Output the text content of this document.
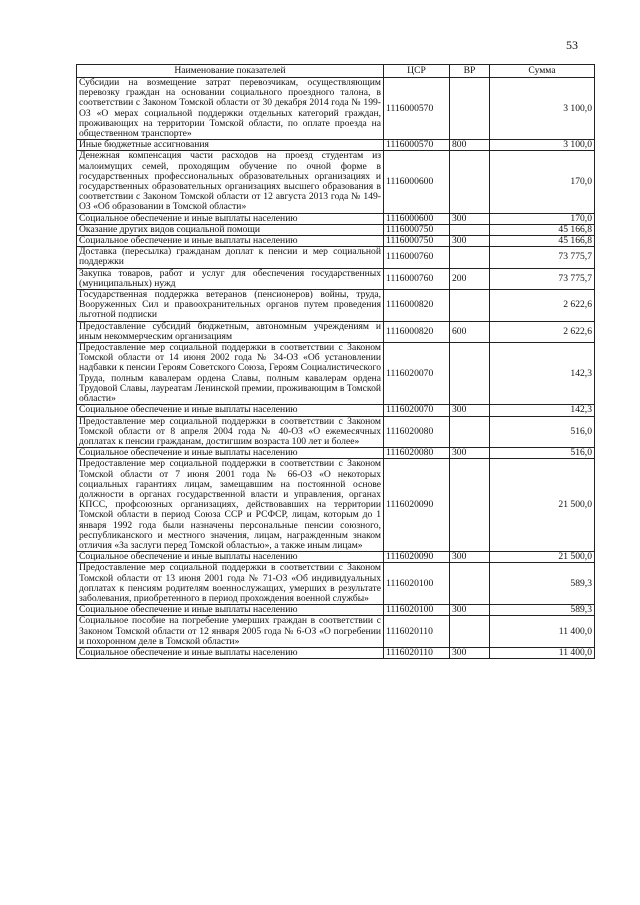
53
Наименование показателей	ЦСР	ВР	Сумма
Субсидии на возмещение затрат перевозчикам, осуществляющим перевозку граждан на основании социального проездного талона, в соответствии с Законом Томской области от 30 декабря 2014 года № 199-ОЗ «О мерах социальной поддержки отдельных категорий граждан, проживающих на территории Томской области, по оплате проезда на общественном транспорте»	1116000570		3 100,0
Иные бюджетные ассигнования	1116000570	800	3 100,0
Денежная компенсация части расходов на проезд студентам из малоимущих семей, проходящим обучение по очной форме в государственных профессиональных образовательных организациях и государственных образовательных организациях высшего образования в соответствии с Законом Томской области от 12 августа 2013 года № 149-ОЗ «Об образовании в Томской области»	1116000600		170,0
Социальное обеспечение и иные выплаты населению	1116000600	300	170,0
Оказание других видов социальной помощи	1116000750		45 166,8
Социальное обеспечение и иные выплаты населению	1116000750	300	45 166,8
Доставка (пересылка) гражданам доплат к пенсии и мер социальной поддержки	1116000760		73 775,7
Закупка товаров, работ и услуг для обеспечения государственных (муниципальных) нужд	1116000760	200	73 775,7
Государственная поддержка ветеранов (пенсионеров) войны, труда, Вооруженных Сил и правоохранительных органов путем проведения льготной подписки	1116000820		2 622,6
Предоставление субсидий бюджетным, автономным учреждениям и иным некоммерческим организациям	1116000820	600	2 622,6
Предоставление мер социальной поддержки в соответствии с Законом Томской области от 14 июня 2002 года № 34-ОЗ «Об установлении надбавки к пенсии Героям Советского Союза, Героям Социалистического Труда, полным кавалерам ордена Славы, полным кавалерам ордена Трудовой Славы, лауреатам Ленинской премии, проживающим в Томской области»	1116020070		142,3
Социальное обеспечение и иные выплаты населению	1116020070	300	142,3
Предоставление мер социальной поддержки в соответствии с Законом Томской области от 8 апреля 2004 года № 40-ОЗ «О ежемесячных доплатах к пенсии гражданам, достигшим возраста 100 лет и более»	1116020080		516,0
Социальное обеспечение и иные выплаты населению	1116020080	300	516,0
Предоставление мер социальной поддержки в соответствии с Законом Томской области от 7 июня 2001 года № 66-ОЗ «О некоторых социальных гарантиях лицам, замещавшим на постоянной основе должности в органах государственной власти и управления, органах КПСС, профсоюзных организациях, действовавших на территории Томской области в период Союза ССР и РСФСР, лицам, которым до 1 января 1992 года были назначены персональные пенсии союзного, республиканского и местного значения, лицам, награжденным знаком отличия «За заслуги перед Томской областью», а также иным лицам»	1116020090		21 500,0
Социальное обеспечение и иные выплаты населению	1116020090	300	21 500,0
Предоставление мер социальной поддержки в соответствии с Законом Томской области от 13 июня 2001 года № 71-ОЗ «Об индивидуальных доплатах к пенсиям родителям военнослужащих, умерших в результате заболевания, приобретенного в период прохождения военной службы»	1116020100		589,3
Социальное обеспечение и иные выплаты населению	1116020100	300	589,3
Социальное пособие на погребение умерших граждан в соответствии с Законом Томской области от 12 января 2005 года № 6-ОЗ «О погребении и похоронном деле в Томской области»	1116020110		11 400,0
Социальное обеспечение и иные выплаты населению	1116020110	300	11 400,0
